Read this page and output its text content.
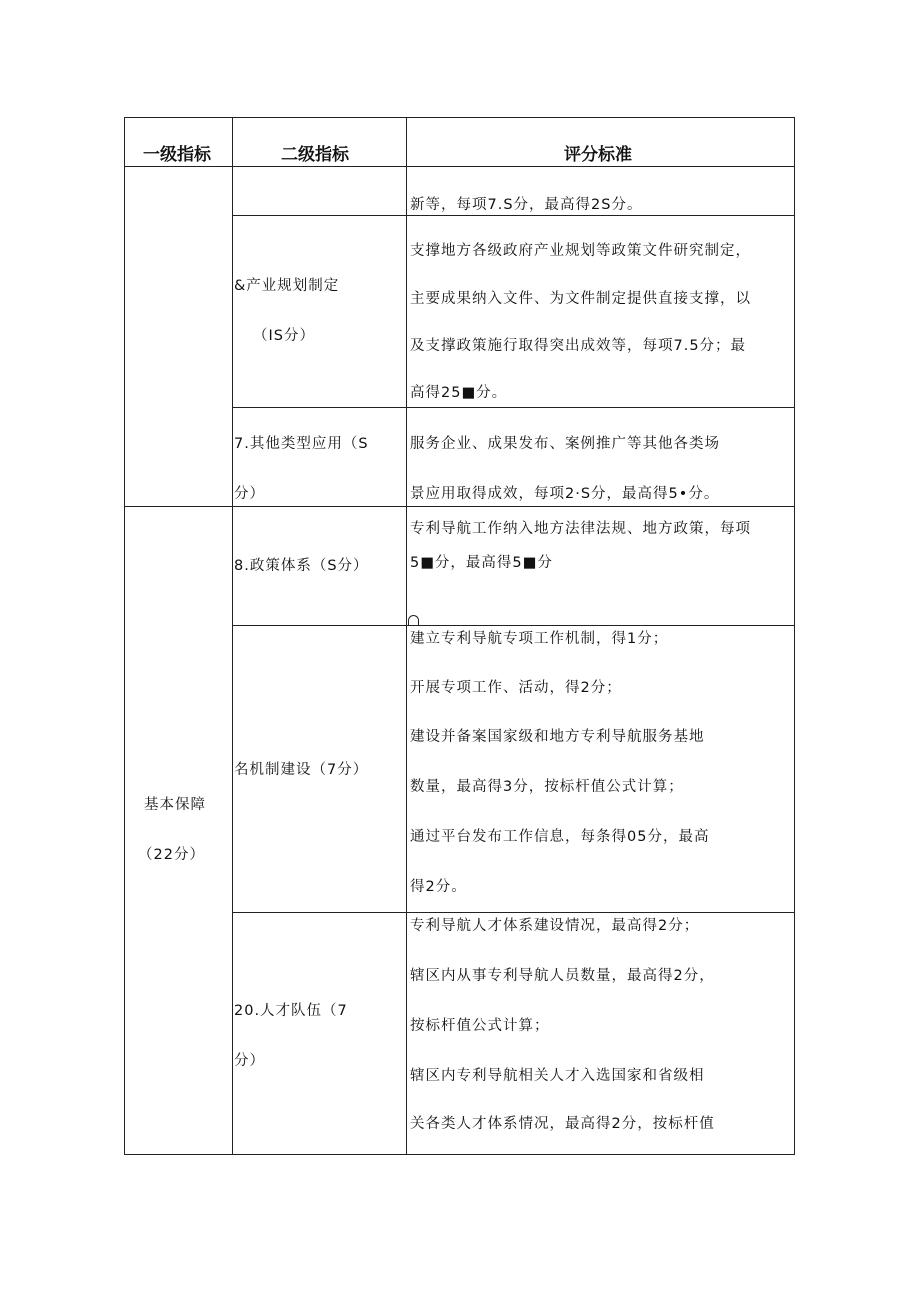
一级指标	二级指标	评分标准
新等，每项7.S分，最高得2S分。
&产业规划制定
（IS分）
支撑地方各级政府产业规划等政策文件研究制定，
主要成果纳入文件、为文件制定提供直接支撑，以
及支撑政策施行取得突出成效等，每项7.5分；最
高得25■分。
7.其他类型应用（S
分）
服务企业、成果发布、案例推广等其他各类场
景应用取得成效，每项2·S分，最高得5•分。
基本保障
（22分）
8.政策体系（S分）
专利导航工作纳入地方法律法规、地方政策，每项
5■分，最高得5■分
名机制建设（7分）
建立专利导航专项工作机制，得1分；
开展专项工作、活动，得2分；
建设并备案国家级和地方专利导航服务基地
数量，最高得3分，按标杆值公式计算；
通过平台发布工作信息，每条得05分，最高
得2分。
20.人才队伍（7
分）
专利导航人才体系建设情况，最高得2分；
辖区内从事专利导航人员数量，最高得2分，
按标杆值公式计算；
辖区内专利导航相关人才入选国家和省级相
关各类人才体系情况，最高得2分，按标杆值
